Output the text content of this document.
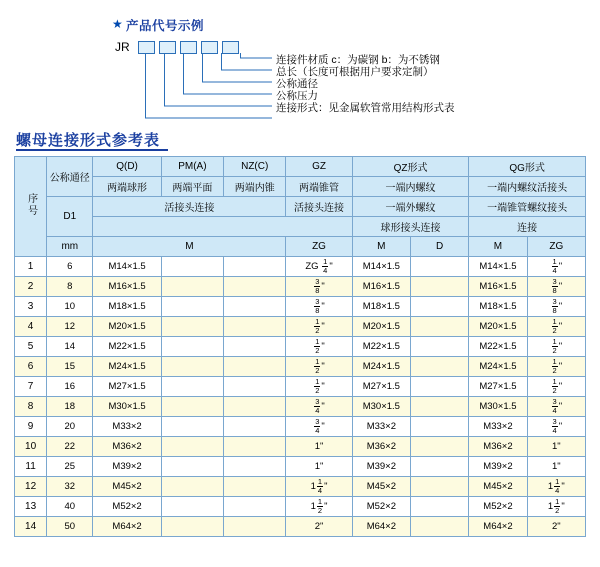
★ 产品代号示例
JR
连接件材质 c：为碳钢 b：为不锈钢
总长（长度可根据用户要求定制）
公称通径
公称压力
连接形式：见金属软管常用结构形式表
螺母连接形式参考表
序号	公称通径	Q(D)	PM(A)	NZ(C)	GZ	QZ形式		QG形式	
		两端球形	两端平面	两端内锥	两端锥管	一端内螺纹		一端内螺纹活接头	
	D1	活接头连接			活接头连接	一端外螺纹		一端锥管螺纹接头	
						球形接头连接		连接	
	mm	M			ZG	M	D	M	ZG
1	6	M14×1.5			ZG $\frac{1}{4}$ "	M14×1.5		M14×1.5	$\frac{1}{4}$ "
2	8	M16×1.5			$\frac{3}{8}$ "	M16×1.5		M16×1.5	$\frac{3}{8}$ "
3	10	M18×1.5			$\frac{3}{8}$ "	M18×1.5		M18×1.5	$\frac{3}{8}$ "
4	12	M20×1.5			$\frac{1}{2}$ "	M20×1.5		M20×1.5	$\frac{1}{2}$ "
5	14	M22×1.5			$\frac{1}{2}$ "	M22×1.5		M22×1.5	$\frac{1}{2}$ "
6	15	M24×1.5			$\frac{1}{2}$ "	M24×1.5		M24×1.5	$\frac{1}{2}$ "
7	16	M27×1.5			$\frac{1}{2}$ "	M27×1.5		M27×1.5	$\frac{1}{2}$ "
8	18	M30×1.5			$\frac{3}{4}$ "	M30×1.5		M30×1.5	$\frac{3}{4}$ "
9	20	M33×2			$\frac{3}{4}$ "	M33×2		M33×2	$\frac{3}{4}$ "
10	22	M36×2			1"	M36×2		M36×2	1"
11	25	M39×2			1"	M39×2		M39×2	1"
12	32	M45×2			$1 \frac{1}{4}$ "	M45×2		M45×2	$1 \frac{1}{4}$ "
13	40	M52×2			$1 \frac{1}{2}$ "	M52×2		M52×2	$1 \frac{1}{2}$ "
14	50	M64×2			2"	M64×2		M64×2	2"
